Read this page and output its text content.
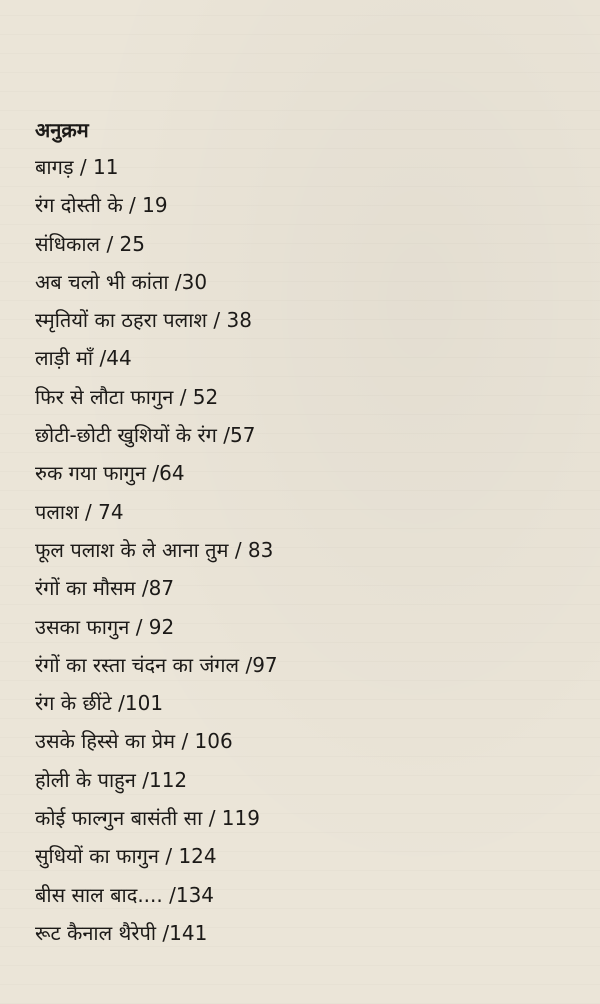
अनुक्रम
बागड़ / 11
रंग दोस्ती के / 19
संधिकाल / 25
अब चलो भी कांता /30
स्मृतियों का ठहरा पलाश / 38
लाड़ी माँ /44
फिर से लौटा फागुन / 52
छोटी-छोटी खुशियों के रंग /57
रुक गया फागुन /64
पलाश / 74
फूल पलाश के ले आना तुम / 83
रंगों का मौसम /87
उसका फागुन / 92
रंगों का रस्ता चंदन का जंगल /97
रंग के छींटे /101
उसके हिस्से का प्रेम / 106
होली के पाहुन /112
कोई फाल्गुन बासंती सा / 119
सुधियों का फागुन / 124
बीस साल बाद.... /134
रूट कैनाल थैरेपी /141
